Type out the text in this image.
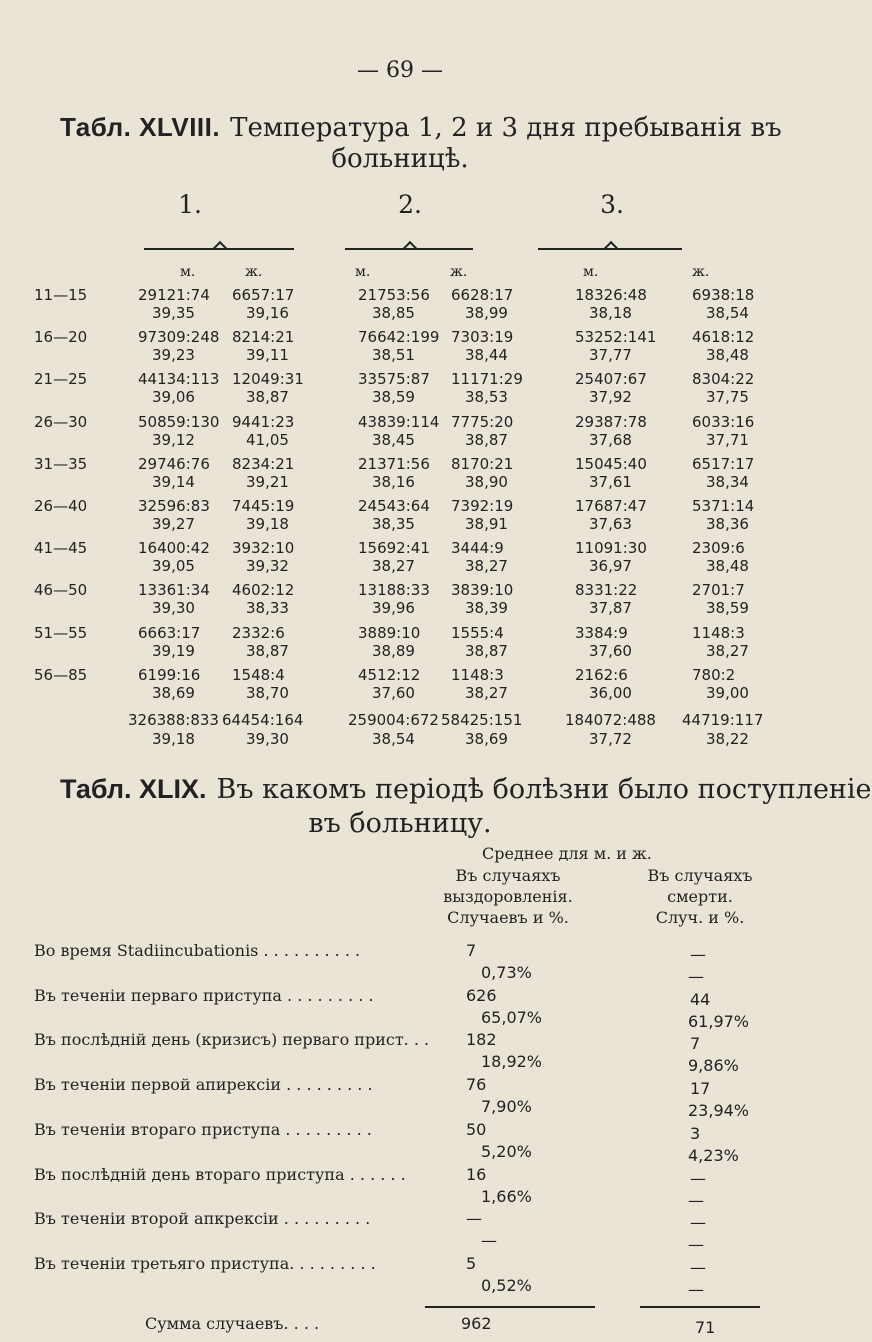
— 69 —
Табл. XLVIII. Температура 1, 2 и 3 дня пребыванія въ
больницѣ.
1.	2.	3.
м.	ж.	м.	ж.	м.	ж.
11—15	29121:74 6657:17	21753:56 6628:17	18326:48	6938:18
39,35	39,16	38,85	38,99	38,18	38,54
16—20	97309:248 8214:21	76642:199 7303:19	53252:141 4618:12
39,23	39,11	38,51	38,44	37,77	38,48
21—25	44134:113 12049:31	33575:87 11171:29	25407:67	8304:22
39,06	38,87	38,59	38,53	37,92	37,75
26—30	50859:130 9441:23	43839:114 7775:20	29387:78	6033:16
39,12	41,05	38,45	38,87	37,68	37,71
31—35	29746:76 8234:21	21371:56 8170:21	15045:40	6517:17
39,14	39,21	38,16	38,90	37,61	38,34
26—40	32596:83 7445:19	24543:64 7392:19	17687:47	5371:14
39,27	39,18	38,35	38,91	37,63	38,36
41—45	16400:42 3932:10	15692:41 3444:9	11091:30	2309:6
39,05	39,32	38,27	38,27	36,97	38,48
46—50	13361:34 4602:12	13188:33 3839:10	8331:22	2701:7
39,30	38,33	39,96	38,39	37,87	38,59
51—55	6663:17 2332:6	3889:10 1555:4	3384:9	1148:3
39,19	38,87	38,89	38,87	37,60	38,27
56—85	6199:16 1548:4	4512:12 1148:3	2162:6	780:2
38,69	38,70	37,60	38,27	36,00	39,00
326388:833 64454:164	259004:672 58425:151	184072:488 44719:117
39,18	39,30	38,54	38,69	37,72	38,22
Табл. XLIX. Въ какомъ періодѣ болѣзни было поступленіе
въ больницу.
Среднее для м. и ж.
Въ случаяхъ
выздоровленія.
Случаевъ и %.
Въ случаяхъ
смерти.
Случ. и %.
Во время Stadiincubationis . . . . . . . . . .	7
0,73%
—
—
Въ теченіи перваго приступа . . . . . . . . .	626
65,07%
44
61,97%
Въ послѣдній день (кризисъ) перваго прист. . . 182
18,92%
7
9,86%
Въ теченіи первой апирексіи . . . . . . . . .	76
7,90%
17
23,94%
Въ теченіи втораго приступа . . . . . . . . .	50
5,20%
3
4,23%
Въ послѣдній день втораго приступа . . . . . .	16
1,66%
—
—
Въ теченіи второй апкрексіи . . . . . . . . .	—
—
—
—
Въ теченіи третьяго приступа. . . . . . . . .	5
0,52%
—
—
Сумма случаевъ. . . .	962	71
